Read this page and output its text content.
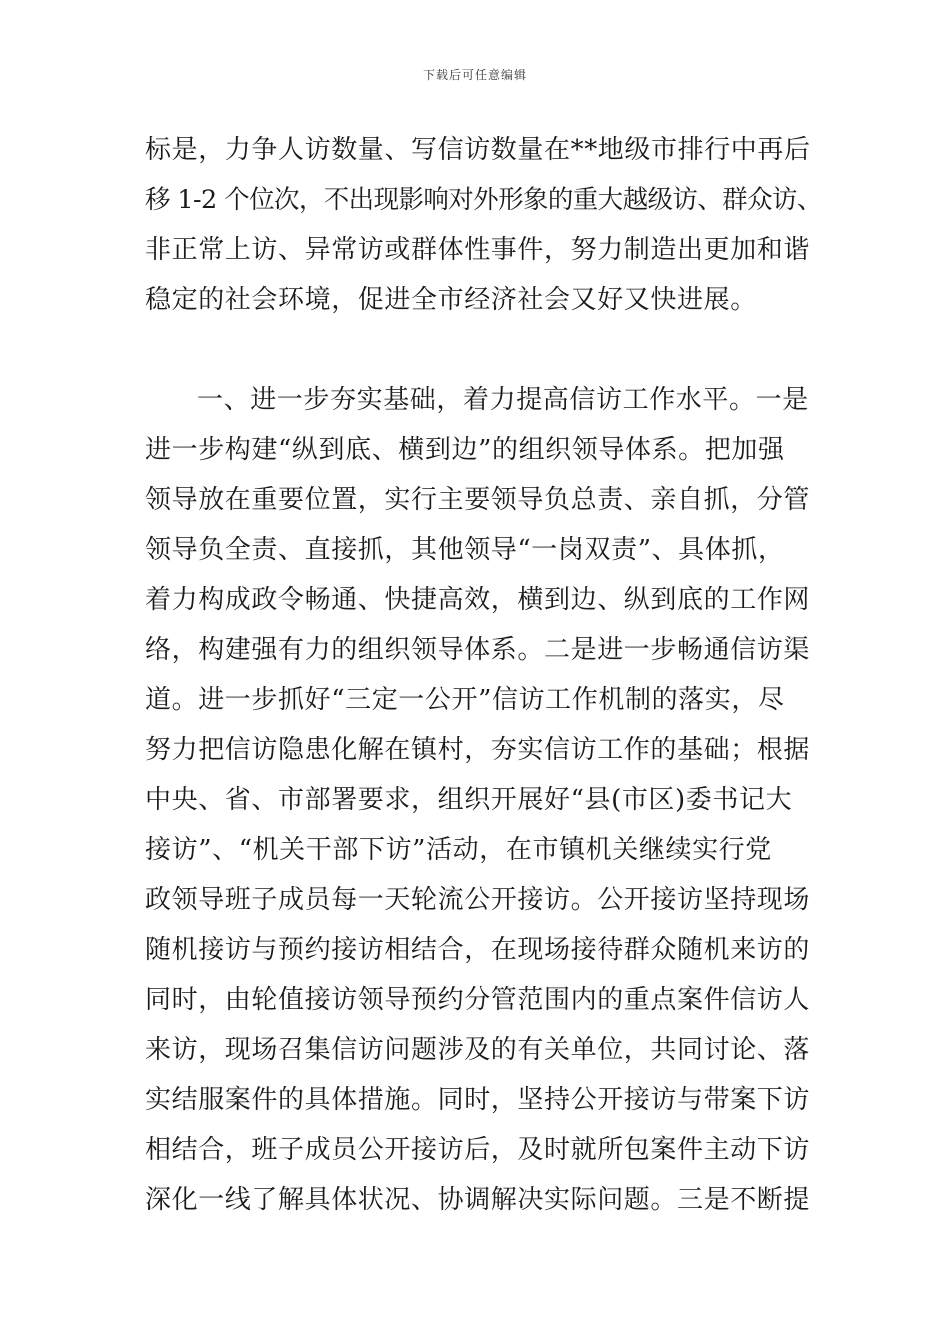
下载后可任意编辑
标是，力争人访数量、写信访数量在**地级市排行中再后
移 1-2 个位次，不出现影响对外形象的重大越级访、群众访、
非正常上访、异常访或群体性事件，努力制造出更加和谐
稳定的社会环境，促进全市经济社会又好又快进展。
一、进一步夯实基础，着力提高信访工作水平。一是
进一步构建“纵到底、横到边”的组织领导体系。把加强
领导放在重要位置，实行主要领导负总责、亲自抓，分管
领导负全责、直接抓，其他领导“一岗双责”、具体抓，
着力构成政令畅通、快捷高效，横到边、纵到底的工作网
络，构建强有力的组织领导体系。二是进一步畅通信访渠
道。进一步抓好“三定一公开”信访工作机制的落实，尽
努力把信访隐患化解在镇村，夯实信访工作的基础；根据
中央、省、市部署要求，组织开展好“县(市区)委书记大
接访”、“机关干部下访”活动，在市镇机关继续实行党
政领导班子成员每一天轮流公开接访。公开接访坚持现场
随机接访与预约接访相结合，在现场接待群众随机来访的
同时，由轮值接访领导预约分管范围内的重点案件信访人
来访，现场召集信访问题涉及的有关单位，共同讨论、落
实结服案件的具体措施。同时，坚持公开接访与带案下访
相结合，班子成员公开接访后，及时就所包案件主动下访
深化一线了解具体状况、协调解决实际问题。三是不断提
